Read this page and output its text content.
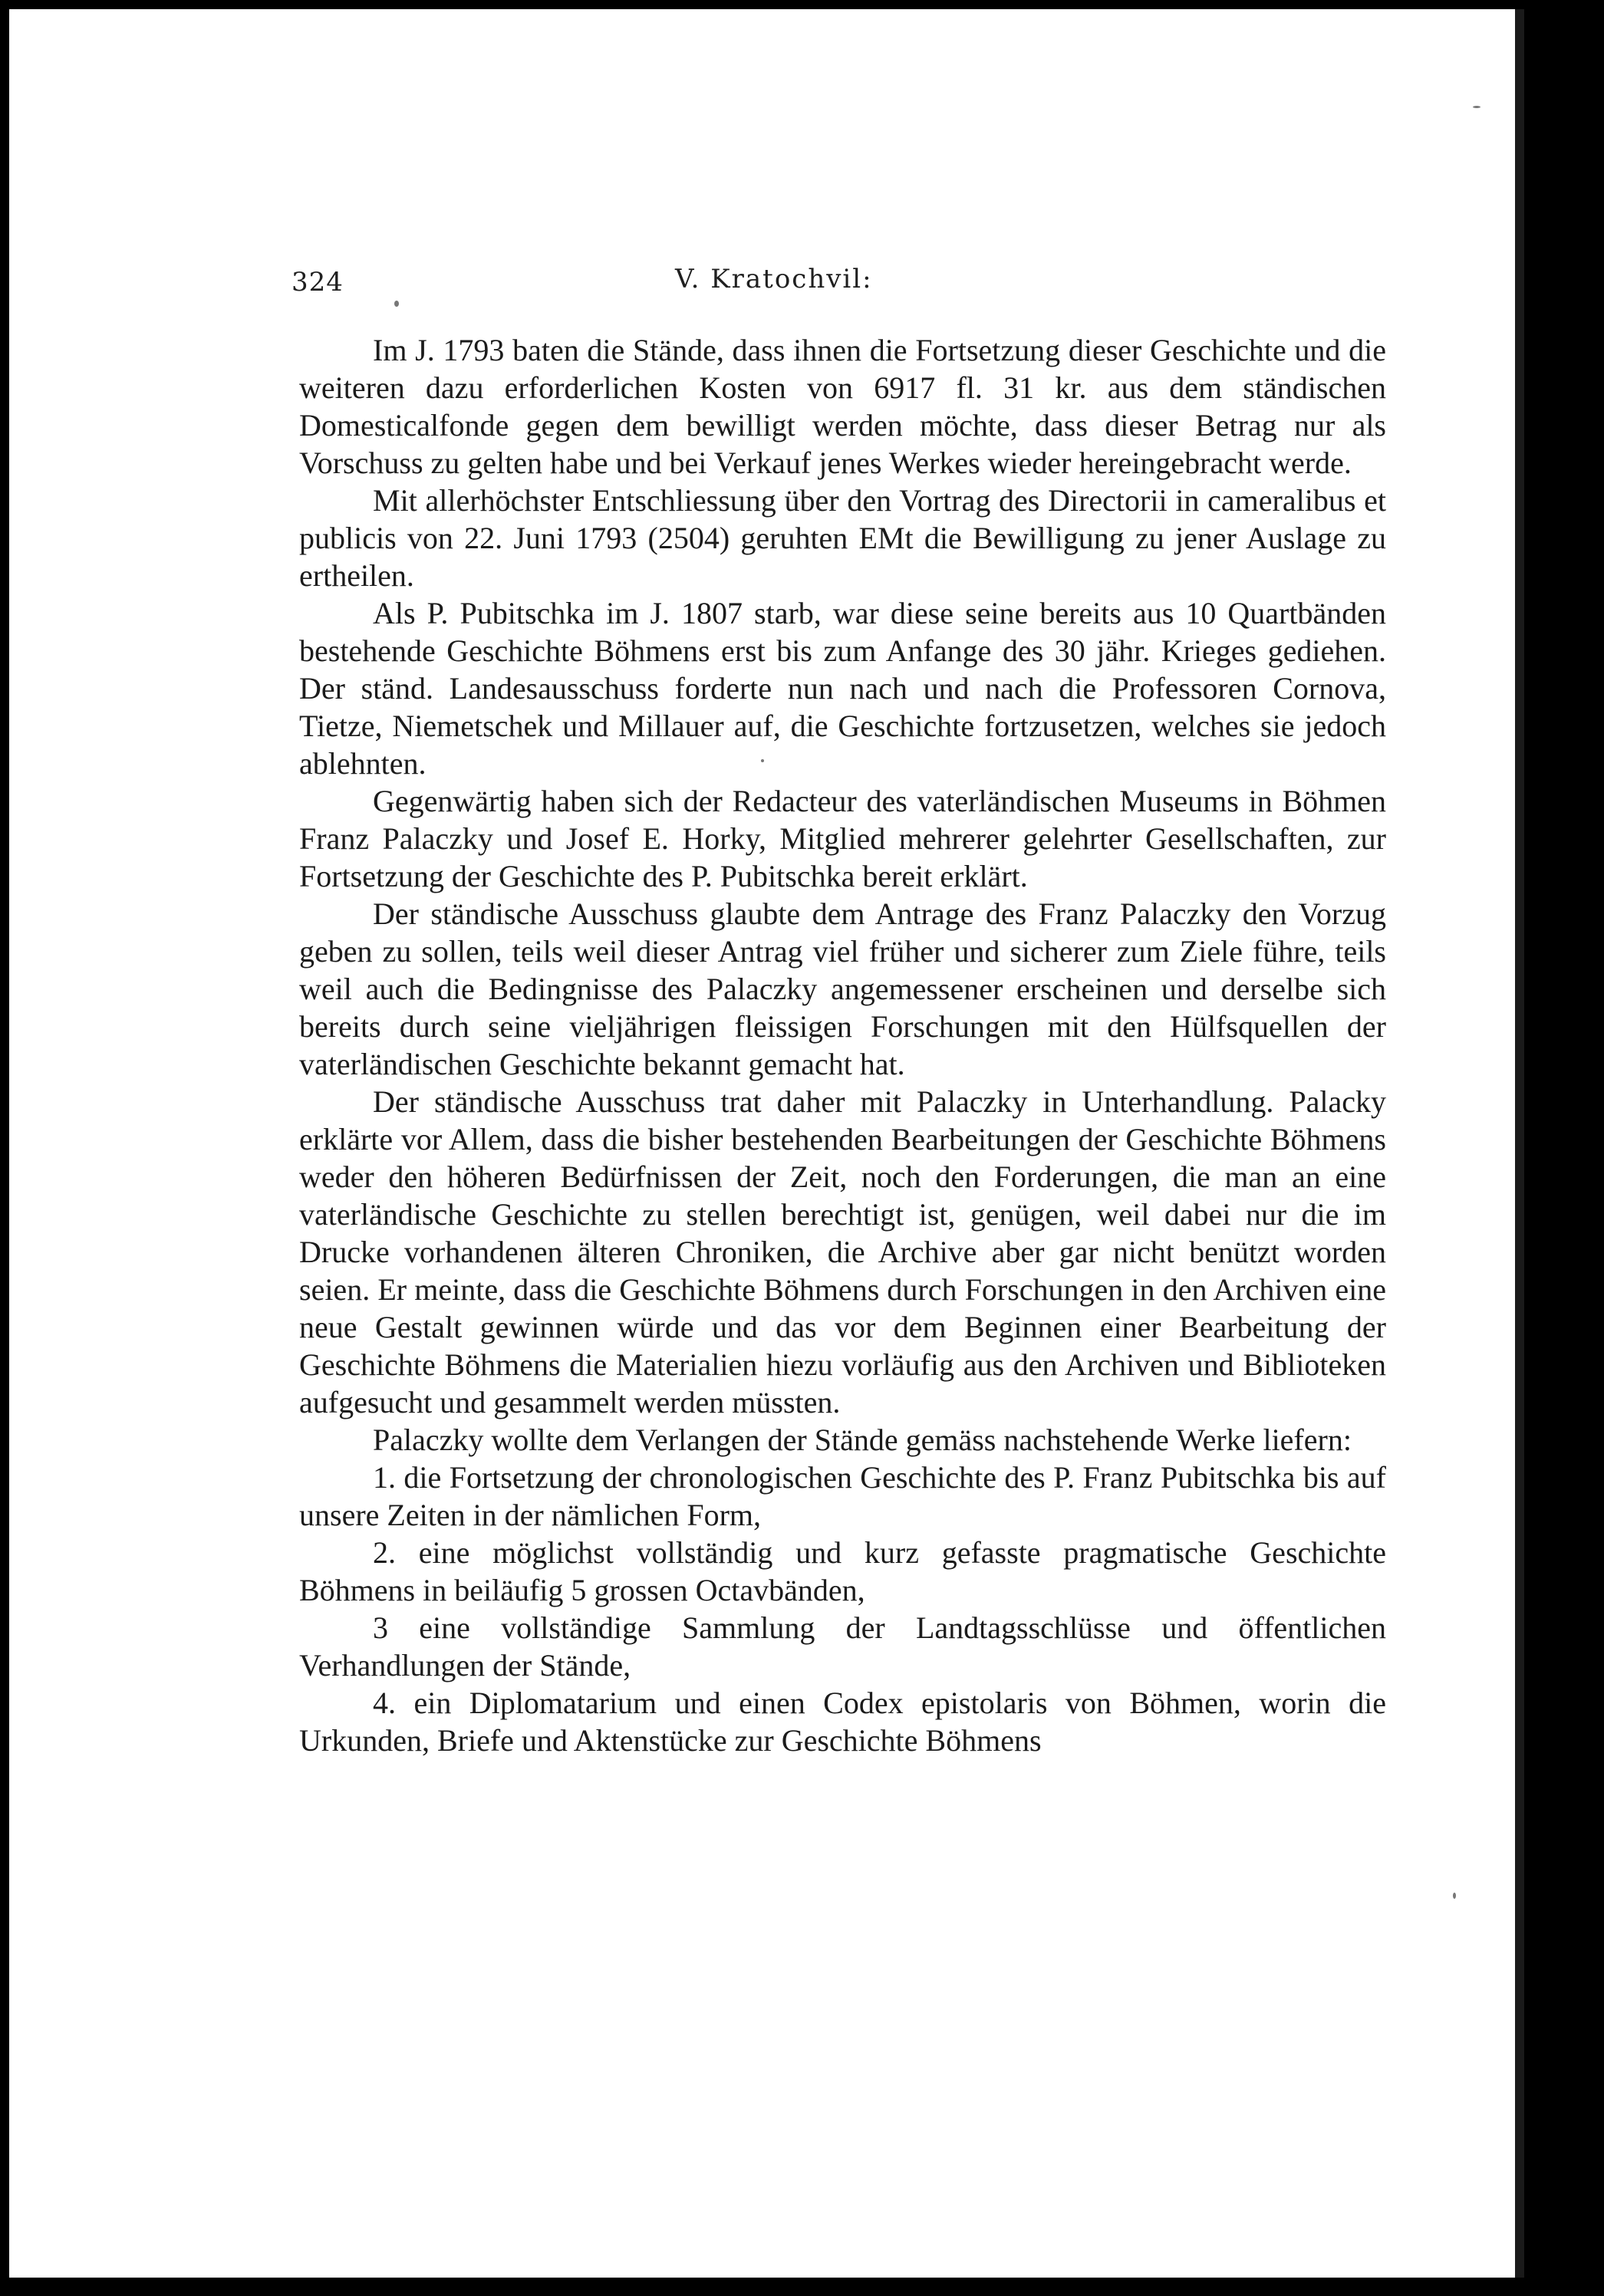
324	V. Kratochvil:

Im J. 1793 baten die Stände, dass ihnen die Fortsetzung dieser Geschichte und die weiteren dazu erforderlichen Kosten von 6917 fl. 31 kr. aus dem ständischen Domesticalfonde gegen dem bewilligt werden möchte, dass dieser Betrag nur als Vorschuss zu gelten habe und bei Verkauf jenes Werkes wieder hereingebracht werde.

Mit allerhöchster Entschliessung über den Vortrag des Directorii in cameralibus et publicis von 22. Juni 1793 (2504) geruhten EMt die Bewilligung zu jener Auslage zu ertheilen.

Als P. Pubitschka im J. 1807 starb, war diese seine bereits aus 10 Quartbänden bestehende Geschichte Böhmens erst bis zum Anfange des 30 jähr. Krieges gediehen. Der ständ. Landesausschuss forderte nun nach und nach die Professoren Cornova, Tietze, Niemetschek und Millauer auf, die Geschichte fortzusetzen, welches sie jedoch ablehnten.

Gegenwärtig haben sich der Redacteur des vaterländischen Museums in Böhmen Franz Palaczky und Josef E. Horky, Mitglied mehrerer gelehrter Gesellschaften, zur Fortsetzung der Geschichte des P. Pubitschka bereit erklärt.

Der ständische Ausschuss glaubte dem Antrage des Franz Palaczky den Vorzug geben zu sollen, teils weil dieser Antrag viel früher und sicherer zum Ziele führe, teils weil auch die Bedingnisse des Palaczky angemessener erscheinen und derselbe sich bereits durch seine vieljährigen fleissigen Forschungen mit den Hülfsquellen der vaterländischen Geschichte bekannt gemacht hat.

Der ständische Ausschuss trat daher mit Palaczky in Unterhandlung. Palacky erklärte vor Allem, dass die bisher bestehenden Bearbeitungen der Geschichte Böhmens weder den höheren Bedürfnissen der Zeit, noch den Forderungen, die man an eine vaterländische Geschichte zu stellen berechtigt ist, genügen, weil dabei nur die im Drucke vorhandenen älteren Chroniken, die Archive aber gar nicht benützt worden seien. Er meinte, dass die Geschichte Böhmens durch Forschungen in den Archiven eine neue Gestalt gewinnen würde und das vor dem Beginnen einer Bearbeitung der Geschichte Böhmens die Materialien hiezu vorläufig aus den Archiven und Biblioteken aufgesucht und gesammelt werden müssten.

Palaczky wollte dem Verlangen der Stände gemäss nachstehende Werke liefern:

1. die Fortsetzung der chronologischen Geschichte des P. Franz Pubitschka bis auf unsere Zeiten in der nämlichen Form,

2. eine möglichst vollständig und kurz gefasste pragmatische Geschichte Böhmens in beiläufig 5 grossen Octavbänden,

3 eine vollständige Sammlung der Landtagsschlüsse und öffentlichen Verhandlungen der Stände,

4. ein Diplomatarium und einen Codex epistolaris von Böhmen, worin die Urkunden, Briefe und Aktenstücke zur Geschichte Böhmens
